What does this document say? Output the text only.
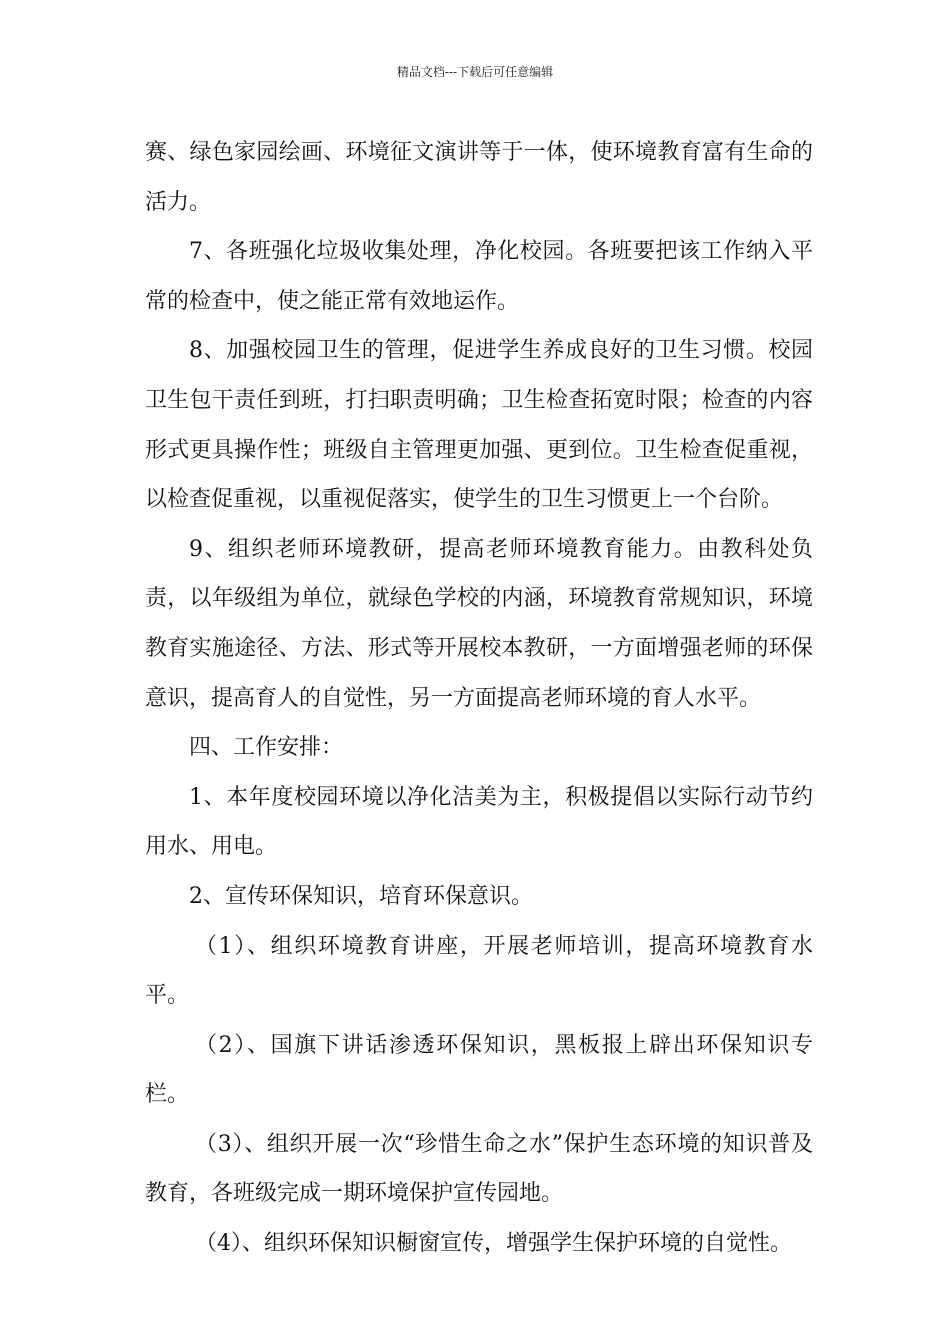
精品文档---下载后可任意编辑

赛、绿色家园绘画、环境征文演讲等于一体，使环境教育富有生命的活力。

7、各班强化垃圾收集处理，净化校园。各班要把该工作纳入平常的检查中，使之能正常有效地运作。

8、加强校园卫生的管理，促进学生养成良好的卫生习惯。校园卫生包干责任到班，打扫职责明确；卫生检查拓宽时限；检查的内容形式更具操作性；班级自主管理更加强、更到位。卫生检查促重视，以检查促重视，以重视促落实，使学生的卫生习惯更上一个台阶。

9、组织老师环境教研，提高老师环境教育能力。由教科处负责，以年级组为单位，就绿色学校的内涵，环境教育常规知识，环境教育实施途径、方法、形式等开展校本教研，一方面增强老师的环保意识，提高育人的自觉性，另一方面提高老师环境的育人水平。

四、工作安排：

1、本年度校园环境以净化洁美为主，积极提倡以实际行动节约用水、用电。

2、宣传环保知识，培育环保意识。

（1）、组织环境教育讲座，开展老师培训，提高环境教育水平。

（2）、国旗下讲话渗透环保知识，黑板报上辟出环保知识专栏。

（3）、组织开展一次“珍惜生命之水”保护生态环境的知识普及教育，各班级完成一期环境保护宣传园地。

（4）、组织环保知识橱窗宣传，增强学生保护环境的自觉性。
